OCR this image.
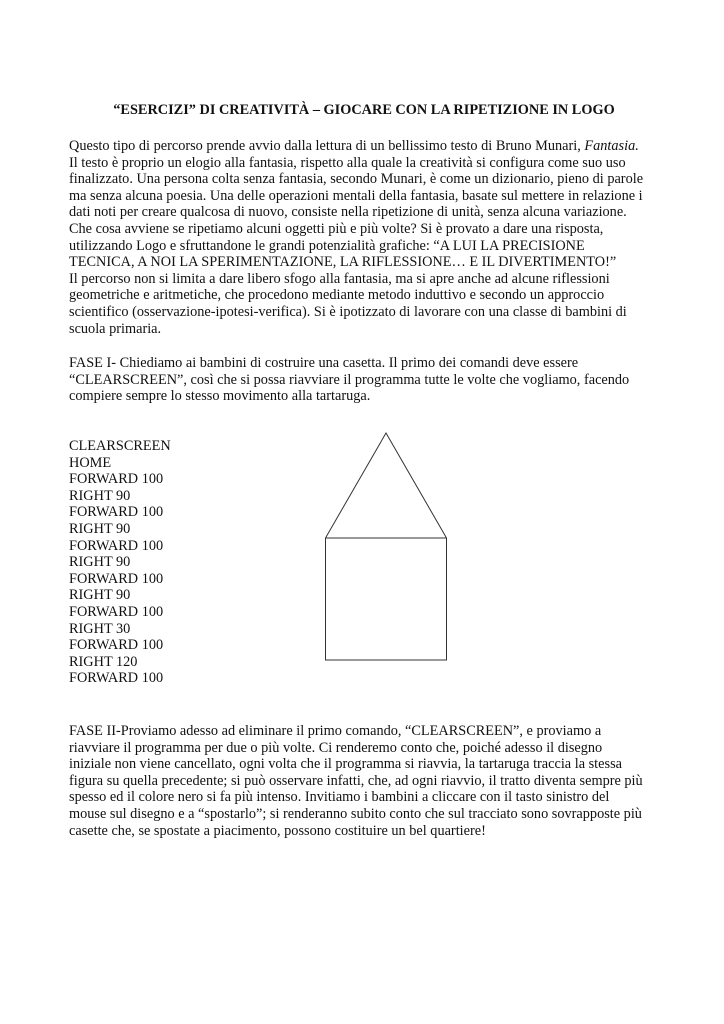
“ESERCIZI” DI CREATIVITÀ – GIOCARE CON LA RIPETIZIONE IN LOGO
Questo tipo di percorso prende avvio dalla lettura di un bellissimo testo di Bruno Munari, Fantasia.
Il testo è proprio un elogio alla fantasia, rispetto alla quale la creatività si configura come suo uso
finalizzato. Una persona colta senza fantasia, secondo Munari, è come un dizionario, pieno di parole
ma senza alcuna poesia. Una delle operazioni mentali della fantasia, basate sul mettere in relazione i
dati noti per creare qualcosa di nuovo, consiste nella ripetizione di unità, senza alcuna variazione.
Che cosa avviene se ripetiamo alcuni oggetti più e più volte? Si è provato a dare una risposta,
utilizzando Logo e sfruttandone le grandi potenzialità grafiche: “A LUI LA PRECISIONE
TECNICA, A NOI LA SPERIMENTAZIONE, LA RIFLESSIONE… E IL DIVERTIMENTO!”
Il percorso non si limita a dare libero sfogo alla fantasia, ma si apre anche ad alcune riflessioni
geometriche e aritmetiche, che procedono mediante metodo induttivo e secondo un approccio
scientifico (osservazione-ipotesi-verifica). Si è ipotizzato di lavorare con una classe di bambini di
scuola primaria.
FASE I- Chiediamo ai bambini di costruire una casetta. Il primo dei comandi deve essere
“CLEARSCREEN”, così che si possa riavviare il programma tutte le volte che vogliamo, facendo
compiere sempre lo stesso movimento alla tartaruga.
CLEARSCREEN
HOME
FORWARD 100
RIGHT 90
FORWARD 100
RIGHT 90
FORWARD 100
RIGHT 90
FORWARD 100
RIGHT 90
FORWARD 100
RIGHT 30
FORWARD 100
RIGHT 120
FORWARD 100
FASE II-Proviamo adesso ad eliminare il primo comando, “CLEARSCREEN”, e proviamo a
riavviare il programma per due o più volte. Ci renderemo conto che, poiché adesso il disegno
iniziale non viene cancellato, ogni volta che il programma si riavvia, la tartaruga traccia la stessa
figura su quella precedente; si può osservare infatti, che, ad ogni riavvio, il tratto diventa sempre più
spesso ed il colore nero si fa più intenso. Invitiamo i bambini a cliccare con il tasto sinistro del
mouse sul disegno e a “spostarlo”; si renderanno subito conto che sul tracciato sono sovrapposte più
casette che, se spostate a piacimento, possono costituire un bel quartiere!
